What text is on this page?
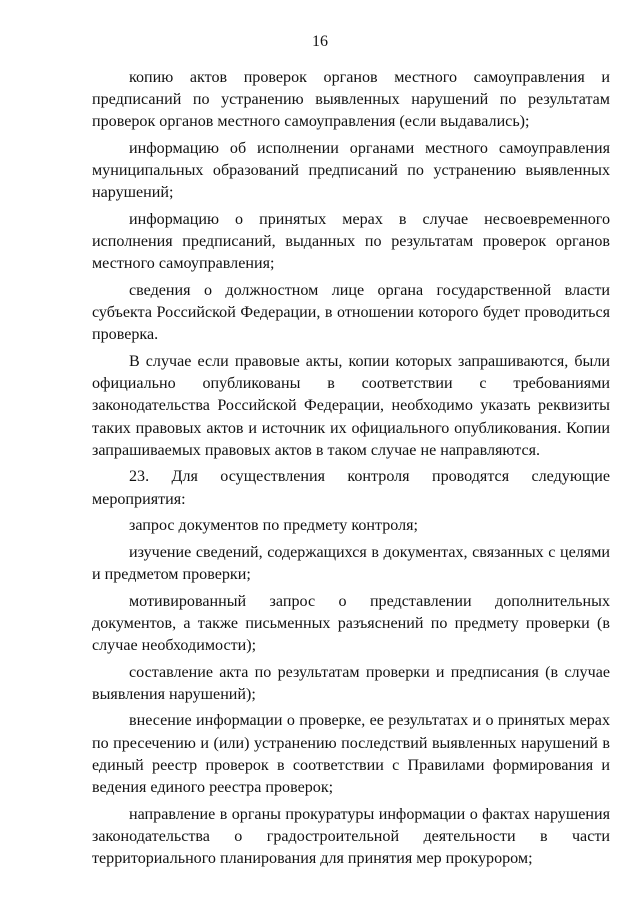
16

копию актов проверок органов местного самоуправления и предписаний по устранению выявленных нарушений по результатам проверок органов местного самоуправления (если выдавались);

информацию об исполнении органами местного самоуправления муниципальных образований предписаний по устранению выявленных нарушений;

информацию о принятых мерах в случае несвоевременного исполнения предписаний, выданных по результатам проверок органов местного самоуправления;

сведения о должностном лице органа государственной власти субъекта Российской Федерации, в отношении которого будет проводиться проверка.

В случае если правовые акты, копии которых запрашиваются, были официально опубликованы в соответствии с требованиями законодательства Российской Федерации, необходимо указать реквизиты таких правовых актов и источник их официального опубликования. Копии запрашиваемых правовых актов в таком случае не направляются.

23. Для осуществления контроля проводятся следующие мероприятия:

запрос документов по предмету контроля;

изучение сведений, содержащихся в документах, связанных с целями и предметом проверки;

мотивированный запрос о представлении дополнительных документов, а также письменных разъяснений по предмету проверки (в случае необходимости);

составление акта по результатам проверки и предписания (в случае выявления нарушений);

внесение информации о проверке, ее результатах и о принятых мерах по пресечению и (или) устранению последствий выявленных нарушений в единый реестр проверок в соответствии с Правилами формирования и ведения единого реестра проверок;

направление в органы прокуратуры информации о фактах нарушения законодательства о градостроительной деятельности в части территориального планирования для принятия мер прокурором;
